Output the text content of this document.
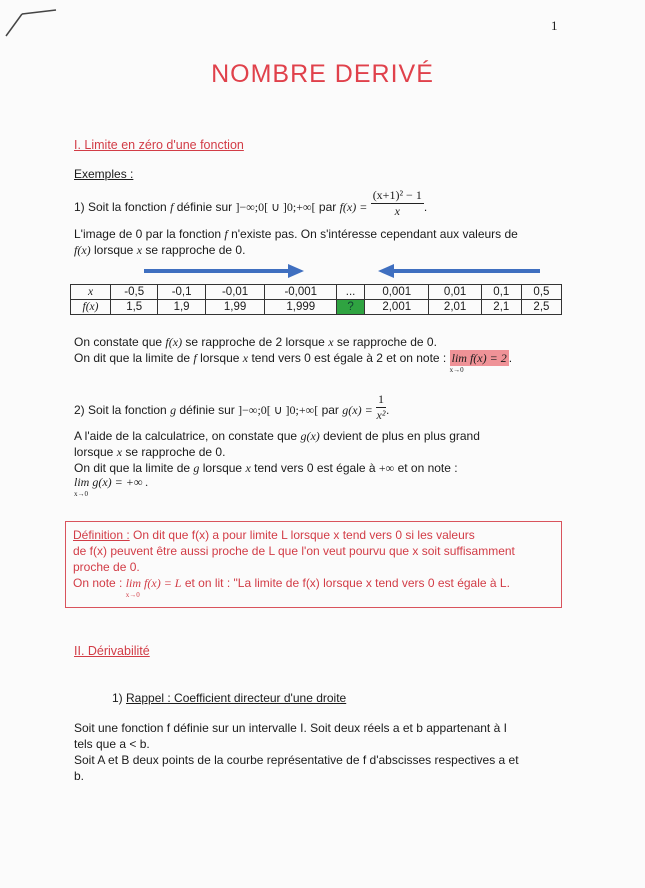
1
NOMBRE DERIVÉ
I. Limite en zéro d'une fonction
Exemples :
1) Soit la fonction f définie sur ]−∞;0[ ∪ ]0;+∞[ par $f(x) = \frac{\text{(x+1)² − 1}}{x}$ .
L'image de 0 par la fonction f n'existe pas. On s'intéresse cependant aux valeurs de
f(x) lorsque x se rapproche de 0.
x	-0,5	-0,1	-0,01	-0,001	...	0,001	0,01	0,1	0,5
f(x)	1,5	1,9	1,99	1,999	?	2,001	2,01	2,1	2,5
On constate que f(x) se rapproche de 2 lorsque x se rapproche de 0.
On dit que la limite de f lorsque x tend vers 0 est égale à 2 et on note : lim f(x) = 2
x→0
.
2) Soit la fonction g définie sur ]−∞;0[ ∪ ]0;+∞[ par $g(x) = \frac{1}{\text{x²}}$ .
A l'aide de la calculatrice, on constate que g(x) devient de plus en plus grand
lorsque x se rapproche de 0.
On dit que la limite de g lorsque x tend vers 0 est égale à +∞ et on note :
lim g(x) = +∞ .
x→0
Définition : On dit que f(x) a pour limite L lorsque x tend vers 0 si les valeurs
de f(x) peuvent être aussi proche de L que l'on veut pourvu que x soit suffisamment
proche de 0.
On note : lim f(x) = L
x→0
et on lit : "La limite de f(x) lorsque x tend vers 0 est égale à L.
II. Dérivabilité
1) Rappel : Coefficient directeur d'une droite
Soit une fonction f définie sur un intervalle I. Soit deux réels a et b appartenant à I
tels que a < b.
Soit A et B deux points de la courbe représentative de f d'abscisses respectives a et
b.
